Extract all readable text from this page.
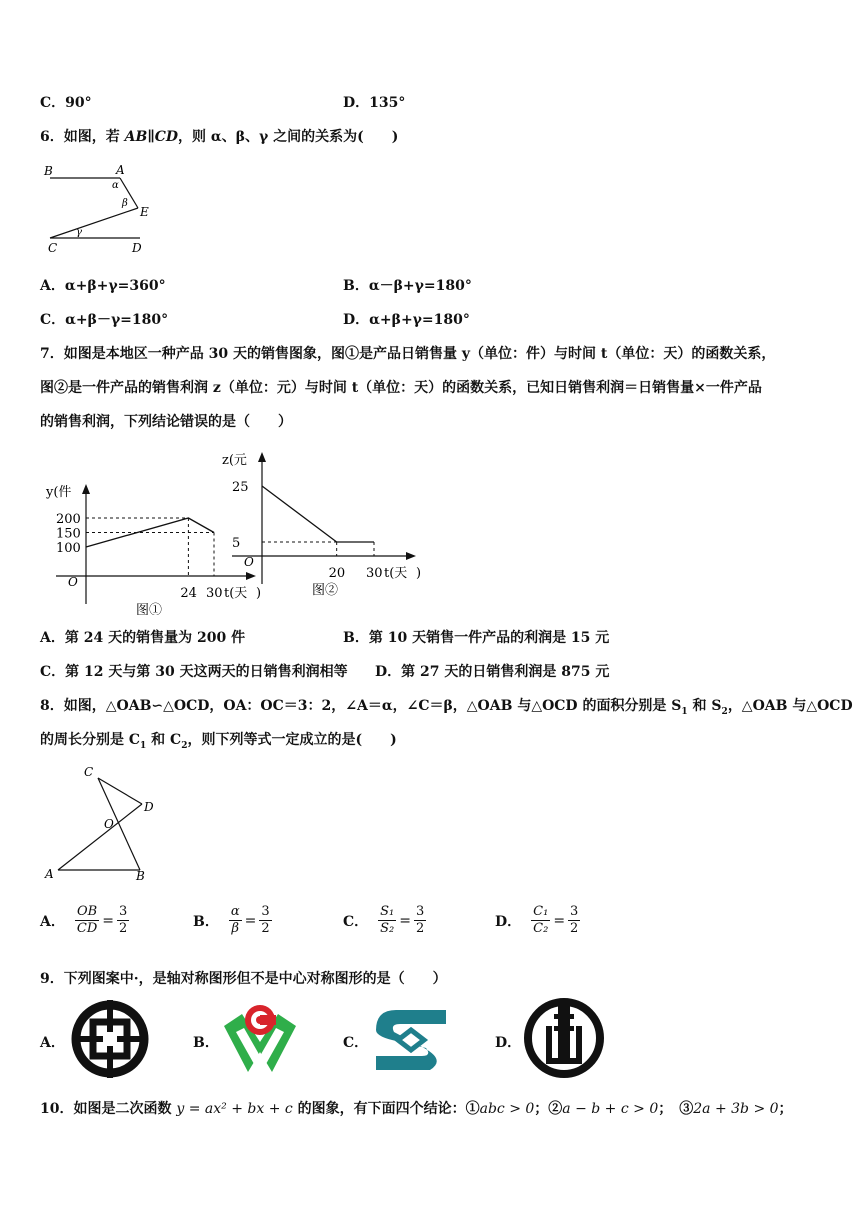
C．90°	D．135°
6．如图，若 AB∥CD，则 α、β、γ 之间的关系为(　　)
B	A
α
β
E
γ
C	D
A．α+β+γ=360°	B．α－β+γ=180°
C．α+β－γ=180°	D．α+β+γ=180°
7．如图是本地区一种产品 30 天的销售图象，图①是产品日销售量 y（单位：件）与时间 t（单位：天）的函数关系，
图②是一件产品的销售利润 z（单位：元）与时间 t（单位：天）的函数关系，已知日销售利润＝日销售量×一件产品
的销售利润，下列结论错误的是（　　）
y(件
t(天 )
O
200
150
100
24 30
图①
z(元
t(天 )
O
25
5
20 30
图②
A．第 24 天的销售量为 200 件	B．第 10 天销售一件产品的利润是 15 元
C．第 12 天与第 30 天这两天的日销售利润相等 D．第 27 天的日销售利润是 875 元
8．如图，△OAB∽△OCD，OA：OC＝3：2，∠A＝α，∠C＝β，△OAB 与△OCD 的面积分别是 $S_1$ 和 $S_2$，△OAB 与△OCD
的周长分别是 $C_1$ 和 $C_2$，则下列等式一定成立的是(　　)
C
D
O
A	B
A． $\frac{OB}{CD} = \frac{3}{2}$	B． $\frac{\alpha}{\beta} = \frac{3}{2}$	C． $\frac{\text{S₁}}{\text{S₂}} = \frac{3}{2}$	D． $\frac{\text{C₁}}{\text{C₂}} = \frac{3}{2}$
9．下列图案中·，是轴对称图形但不是中心对称图形的是（　　）
A．	B．	C．	D．
10．如图是二次函数 y = ax² + bx + c 的图象，有下面四个结论：①abc > 0；②a − b + c > 0；　③2a + 3b > 0；
